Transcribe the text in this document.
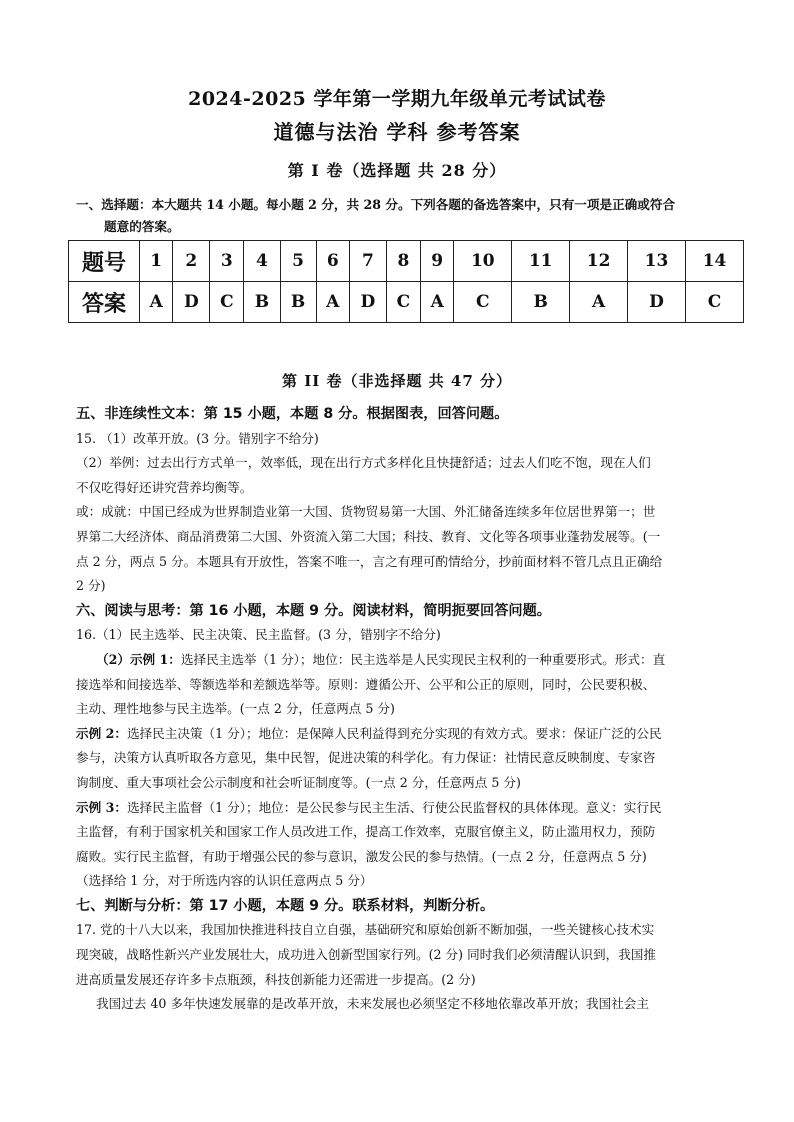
2024-2025 学年第一学期九年级单元考试试卷
道德与法治 学科 参考答案
第 I 卷（选择题 共 28 分）
一、选择题：本大题共 14 小题。每小题 2 分，共 28 分。下列各题的备选答案中，只有一项是正确或符合
题意的答案。
题号	1	2	3	4	5	6	7	8	9	10	11	12	13	14
答案	A	D	C	B	B	A	D	C	A	C	B	A	D	C
第 II 卷（非选择题 共 47 分）

五、非连续性文本：第 15 小题，本题 8 分。根据图表，回答问题。

15. （1）改革开放。(3 分。错别字不给分)

（2）举例：过去出行方式单一，效率低，现在出行方式多样化且快捷舒适；过去人们吃不饱，现在人们

不仅吃得好还讲究营养均衡等。

或：成就：中国已经成为世界制造业第一大国、货物贸易第一大国、外汇储备连续多年位居世界第一；世

界第二大经济体、商品消费第二大国、外资流入第二大国；科技、教育、文化等各项事业蓬勃发展等。(一

点 2 分，两点 5 分。本题具有开放性，答案不唯一，言之有理可酌情给分，抄前面材料不管几点且正确给

2 分)

六、阅读与思考：第 16 小题，本题 9 分。阅读材料，简明扼要回答问题。

16.（1）民主选举、民主决策、民主监督。(3 分，错别字不给分)

（2）示例 1：选择民主选举（1 分）；地位：民主选举是人民实现民主权利的一种重要形式。形式：直

接选举和间接选举、等额选举和差额选举等。原则：遵循公开、公平和公正的原则，同时，公民要积极、

主动、理性地参与民主选举。(一点 2 分，任意两点 5 分)

示例 2：选择民主决策（1 分）；地位：是保障人民利益得到充分实现的有效方式。要求：保证广泛的公民

参与，决策方认真听取各方意见，集中民智，促进决策的科学化。有力保证：社情民意反映制度、专家咨

询制度、重大事项社会公示制度和社会听证制度等。(一点 2 分，任意两点 5 分)

示例 3：选择民主监督（1 分）；地位：是公民参与民主生活、行使公民监督权的具体体现。意义：实行民

主监督，有利于国家机关和国家工作人员改进工作，提高工作效率，克服官僚主义，防止滥用权力，预防

腐败。实行民主监督，有助于增强公民的参与意识，激发公民的参与热情。(一点 2 分，任意两点 5 分)

（选择给 1 分，对于所选内容的认识任意两点 5 分）

七、判断与分析：第 17 小题，本题 9 分。联系材料，判断分析。

17. 党的十八大以来，我国加快推进科技自立自强，基础研究和原始创新不断加强，一些关键核心技术实

现突破，战略性新兴产业发展壮大，成功进入创新型国家行列。(2 分) 同时我们必须清醒认识到，我国推

进高质量发展还存许多卡点瓶颈，科技创新能力还需进一步提高。(2 分)

我国过去 40 多年快速发展靠的是改革开放，未来发展也必须坚定不移地依靠改革开放；我国社会主
